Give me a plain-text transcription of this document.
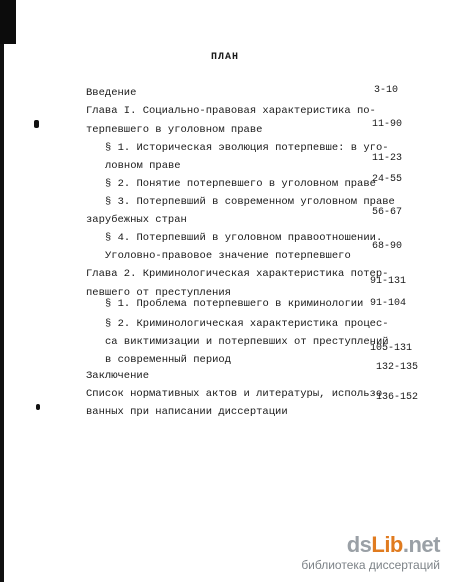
ПЛАН
Введение	3-10
Глава I. Социально-правовая характеристика по-
терпевшего в уголовном праве	11-90
§ 1. Историческая эволюция потерпевше: в уго-
ловном праве
11-23
§ 2. Понятие потерпевшего в уголовном праве
24-55
§ 3. Потерпевший в современном уголовном праве
зарубежных стран
56-67
§ 4. Потерпевший в уголовном правоотношении.
Уголовно-правовое значение потерпевшего
68-90
Глава 2. Криминологическая характеристика потер-
певшего от преступления
91-131
§ 1. Проблема потерпевшего в криминологии 91-104
§ 2. Криминологическая характеристика процес-
са виктимизации и потерпевших от преступлений
в современный период
105-131
Заключение
132-135
Список нормативных актов и литературы, использо-
ванных при написании диссертации
136-152
dsLib.net
библиотека диссертаций
